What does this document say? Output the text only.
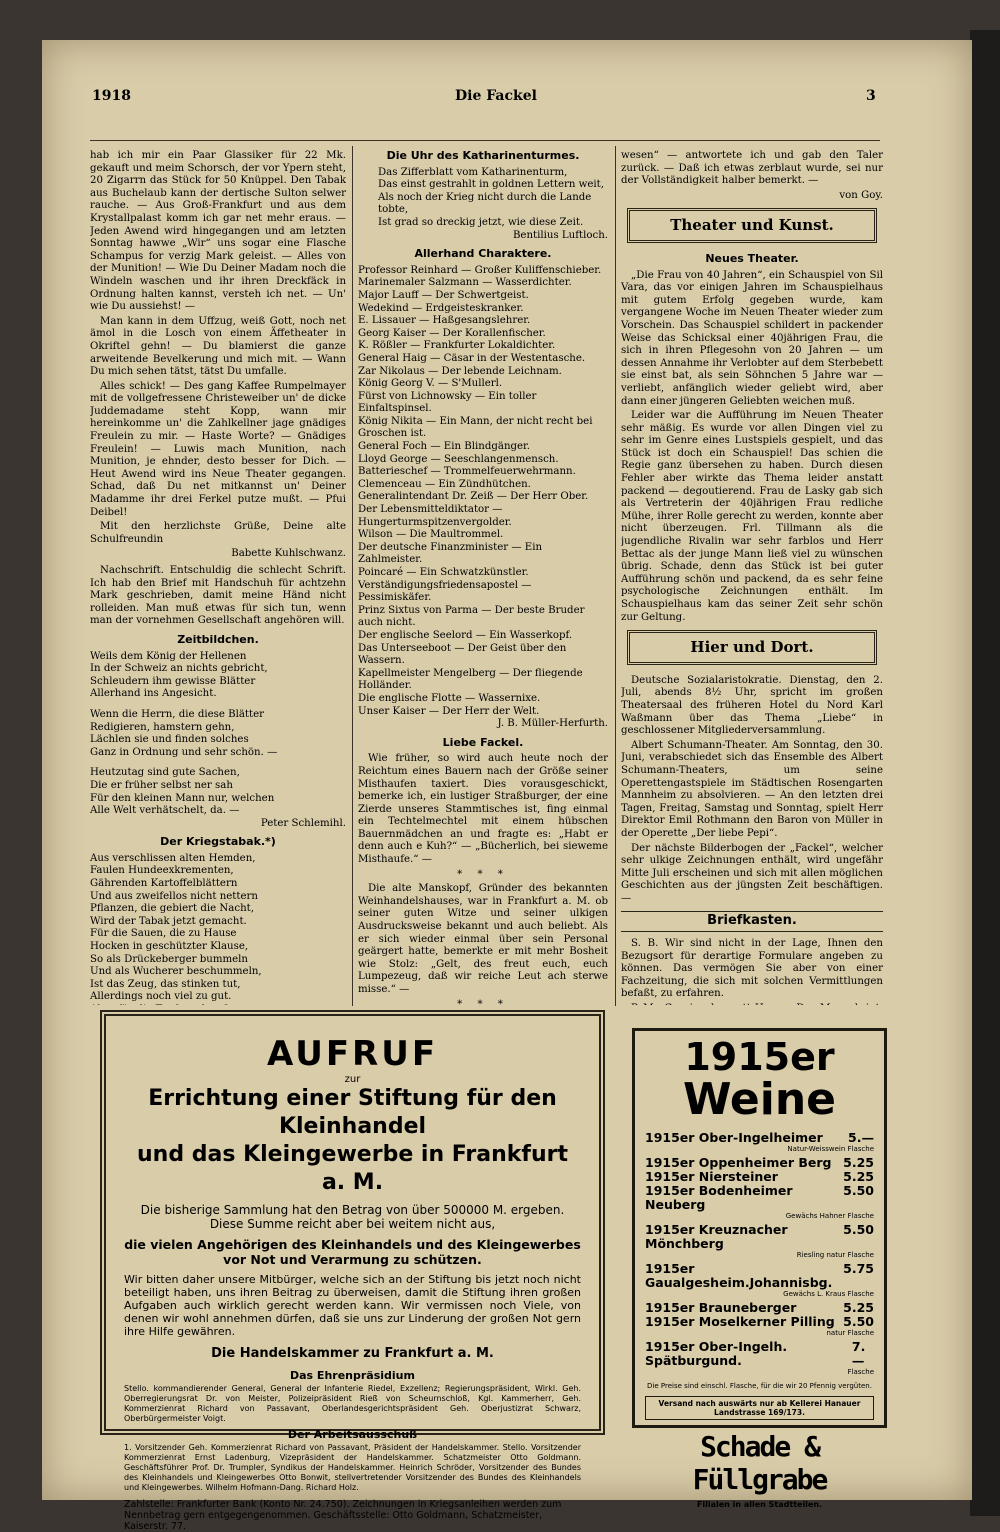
1918	Die Fackel	3

hab ich mir ein Paar Glassiker für 22 Mk. gekauft und meim Schorsch, der vor Ypern steht, 20 Zigarrn das Stück for 50 Knüppel. Den Tabak aus Buchelaub kann der dertische Sulton selwer rauche. — Aus Groß-Frankfurt und aus dem Krystallpalast komm ich gar net mehr eraus. — Jeden Awend wird hingegangen und am letzten Sonntag hawwe „Wir“ uns sogar eine Flasche Schampus for verzig Mark geleist. — Alles von der Munition! — Wie Du Deiner Madam noch die Windeln waschen und ihr ihren Dreckfäck in Ordnung halten kannst, versteh ich net. — Un' wie Du aussiehst! —

Man kann in dem Uffzug, weiß Gott, noch net ämol in die Losch von einem Äffetheater in Okriftel gehn! — Du blamierst die ganze arweitende Bevelkerung und mich mit. — Wann Du mich sehen tätst, tätst Du umfalle.

Alles schick! — Des gang Kaffee Rumpelmayer mit de vollgefressene Christeweiber un' de dicke Juddemadame steht Kopp, wann mir hereinkomme un' die Zahlkellner jage gnädiges Freulein zu mir. — Haste Worte? — Gnädiges Freulein! — Luwis mach Munition, nach Munition, je ehnder, desto besser for Dich. — Heut Awend wird ins Neue Theater gegangen. Schad, daß Du net mitkannst un' Deiner Madamme ihr drei Ferkel putze mußt. — Pfui Deibel!

Mit den herzlichste Grüße, Deine alte Schulfreundin

Babette Kuhlschwanz.

Nachschrift. Entschuldig die schlecht Schrift. Ich hab den Brief mit Handschuh für achtzehn Mark geschrieben, damit meine Händ nicht rolleiden. Man muß etwas für sich tun, wenn man der vornehmen Gesellschaft angehören will.

Zeitbildchen.
Weils dem König der Hellenen
In der Schweiz an nichts gebricht,
Schleudern ihm gewisse Blätter
Allerhand ins Angesicht.
Wenn die Herrn, die diese Blätter
Redigieren, hamstern gehn,
Lächlen sie und finden solches
Ganz in Ordnung und sehr schön. —
Heutzutag sind gute Sachen,
Die er früher selbst ner sah
Für den kleinen Mann nur, welchen
Alle Welt verhätschelt, da. —
Peter Schlemihl.
Der Kriegstabak.*)
Aus verschlissen alten Hemden,
Faulen Hundeexkrementen,
Gährenden Kartoffelblättern
Und aus zweifellos nicht nettern
Pflanzen, die gebiert die Nacht,
Wird der Tabak jetzt gemacht.
Für die Sauen, die zu Hause
Hocken in geschützter Klause,
So als Drückeberger bummeln
Und als Wucherer beschummeln,
Ist das Zeug, das stinken tut,
Allerdings noch viel zu gut.

Die Uhr des Katharinenturmes.
Das Zifferblatt vom Katharinenturm,
Das einst gestrahlt in goldnen Lettern weit,
Als noch der Krieg nicht durch die Lande tobte,
Ist grad so dreckig jetzt, wie diese Zeit.
Bentilius Luftloch.
Allerhand Charaktere.
Professor Reinhard — Großer Kuliffenschieber.
Marinemaler Salzmann — Wasserdichter.
Major Lauff — Der Schwertgeist.
Wedekind — Erdgeisteskranker.
E. Lissauer — Haßgesangslehrer.
Georg Kaiser — Der Korallenfischer.
K. Rößler — Frankfurter Lokaldichter.
General Haig — Cäsar in der Westentasche.
Zar Nikolaus — Der lebende Leichnam.
König Georg V. — S'Mullerl.
Fürst von Lichnowsky — Ein toller Einfaltspinsel.
König Nikita — Ein Mann, der nicht recht bei Groschen ist.
General Foch — Ein Blindgänger.
Lloyd George — Seeschlangenmensch.
Batterieschef — Trommelfeuerwehrmann.
Clemenceau — Ein Zündhütchen.
Generalintendant Dr. Zeiß — Der Herr Ober.
Der Lebensmitteldiktator — Hungerturmspitzenvergolder.
Wilson — Die Maultrommel.
Der deutsche Finanzminister — Ein Zahlmeister.
Poincaré — Ein Schwatzkünstler.
Verständigungsfriedensapostel — Pessimiskäfer.
Prinz Sixtus von Parma — Der beste Bruder auch nicht.
Der englische Seelord — Ein Wasserkopf.
Das Unterseeboot — Der Geist über den Wassern.
Kapellmeister Mengelberg — Der fliegende Holländer.
Die englische Flotte — Wassernixe.
Unser Kaiser — Der Herr der Welt.
J. B. Müller-Herfurth.
Liebe Fackel.

Wie früher, so wird auch heute noch der Reichtum eines Bauern nach der Größe seiner Misthaufen taxiert. Dies vorausgeschickt, bemerke ich, ein lustiger Straßburger, der eine Zierde unseres Stammtisches ist, fing einmal ein Techtelmechtel mit einem hübschen Bauernmädchen an und fragte es: „Habt er denn auch e Kuh?“ — „Bücherlich, bei sieweme Misthaufe.“ —

* * *

Die alte Manskopf, Gründer des bekannten Weinhandelshauses, war in Frankfurt a. M. ob seiner guten Witze und seiner ulkigen Ausdrucksweise bekannt und auch beliebt. Als er sich wieder einmal über sein Personal geärgert hatte, bemerkte er mit mehr Bosheit wie Stolz: „Gelt, des freut euch, euch Lumpezeug, daß wir reiche Leut ach sterwe misse.“ —

* * *

wesen“ — antwortete ich und gab den Taler zurück. — Daß ich etwas zerblaut wurde, sei nur der Vollständigkeit halber bemerkt. —

von Goy.
Theater und Kunst.
Neues Theater.

„Die Frau von 40 Jahren“, ein Schauspiel von Sil Vara, das vor einigen Jahren im Schauspielhaus mit gutem Erfolg gegeben wurde, kam vergangene Woche im Neuen Theater wieder zum Vorschein. Das Schauspiel schildert in packender Weise das Schicksal einer 40jährigen Frau, die sich in ihren Pflegesohn von 20 Jahren — um dessen Annahme ihr Verlobter auf dem Sterbebett sie einst bat, als sein Söhnchen 5 Jahre war — verliebt, anfänglich wieder geliebt wird, aber dann einer jüngeren Geliebten weichen muß.

Leider war die Aufführung im Neuen Theater sehr mäßig. Es wurde vor allen Dingen viel zu sehr im Genre eines Lustspiels gespielt, und das Stück ist doch ein Schauspiel! Das schien die Regie ganz übersehen zu haben. Durch diesen Fehler aber wirkte das Thema leider anstatt packend — degoutierend. Frau de Lasky gab sich als Vertreterin der 40jährigen Frau redliche Mühe, ihrer Rolle gerecht zu werden, konnte aber nicht überzeugen. Frl. Tillmann als die jugendliche Rivalin war sehr farblos und Herr Bettac als der junge Mann ließ viel zu wünschen übrig. Schade, denn das Stück ist bei guter Aufführung schön und packend, da es sehr feine psychologische Zeichnungen enthält. Im Schauspielhaus kam das seiner Zeit sehr schön zur Geltung.

Hier und Dort.

Deutsche Sozialaristokratie. Dienstag, den 2. Juli, abends 8½ Uhr, spricht im großen Theatersaal des früheren Hotel du Nord Karl Waßmann über das Thema „Liebe“ in geschlossener Mitgliederversammlung.

Albert Schumann-Theater. Am Sonntag, den 30. Juni, verabschiedet sich das Ensemble des Albert Schumann-Theaters, um seine Operettengastspiele im Städtischen Rosengarten Mannheim zu absolvieren. — An den letzten drei Tagen, Freitag, Samstag und Sonntag, spielt Herr Direktor Emil Rothmann den Baron von Müller in der Operette „Der liebe Pepi“.

Der nächste Bilderbogen der „Fackel“, welcher sehr ulkige Zeichnungen enthält, wird ungefähr Mitte Juli erscheinen und sich mit allen möglichen Geschichten aus der jüngsten Zeit beschäftigen. —

Briefkasten.

S. B. Wir sind nicht in der Lage, Ihnen den Bezugsort für derartige Formulare angeben zu können. Das vermögen Sie aber von einer Fachzeitung, die sich mit solchen Vermittlungen befaßt, zu erfahren.

AUFRUF
zur
Errichtung einer Stiftung für den Kleinhandel
und das Kleingewerbe in Frankfurt a. M.
Die bisherige Sammlung hat den Betrag von über 500000 M. ergeben. Diese Summe reicht aber bei weitem nicht aus,
die vielen Angehörigen des Kleinhandels und des Kleingewerbes vor Not und Verarmung zu schützen.
Wir bitten daher unsere Mitbürger, welche sich an der Stiftung bis jetzt noch nicht beteiligt haben, uns ihren Beitrag zu überweisen, damit die Stiftung ihren großen Aufgaben auch wirklich gerecht werden kann. Wir vermissen noch Viele, von denen wir wohl annehmen dürfen, daß sie uns zur Linderung der großen Not gern ihre Hilfe gewähren.
Die Handelskammer zu Frankfurt a. M.
Das Ehrenpräsidium
Stello. kommandierender General, General der Infanterie Riedel, Exzellenz; Regierungspräsident, Wirkl. Geh. Oberregierungsrat Dr. von Meister, Polizeipräsident Rieß von Scheurnschloß, Kgl. Kammerherr, Geh. Kommerzienrat Richard von Passavant, Oberlandesgerichtspräsident Geh. Oberjustizrat Schwarz, Oberbürgermeister Voigt.
Der Arbeitsausschuß
1. Vorsitzender Geh. Kommerzienrat Richard von Passavant, Präsident der Handelskammer. Stello. Vorsitzender Kommerzienrat Ernst Ladenburg, Vizepräsident der Handelskammer. Schatzmeister Otto Goldmann. Geschäftsführer Prof. Dr. Trumpler, Syndikus der Handelskammer. Heinrich Schröder, Vorsitzender des Bundes des Kleinhandels und Kleingewerbes Otto Bonwit, stellvertretender Vorsitzender des Bundes des Kleinhandels und Kleingewerbes. Wilhelm Hofmann-Dang. Richard Holz.
Zahlstelle: Frankfurter Bank (Konto Nr. 24.750). Zeichnungen in Kriegsanleihen werden zum Nennbetrag gern entgegengenommen. Geschäftsstelle: Otto Goldmann, Schatzmeister, Kaiserstr. 77.
1915er
Weine
1915er Ober-Ingelheimer 5.—
Natur-Weisswein Flasche
1915er Oppenheimer Berg 5.25
1915er Niersteiner	5.25
1915er Bodenheimer Neuberg
5.50
Gewächs Hahner Flasche
1915er Kreuznacher Mönchberg
5.50
Riesling natur Flasche
1915er Gaualgesheim.Johannisbg.
5.75
Gewächs L. Kraus Flasche
1915er Brauneberger	5.25
1915er Moselkerner Pilling 5.50
natur Flasche
1915er Ober-Ingelh. Spätburgund.
7.—
Flasche
Die Preise sind einschl. Flasche, für die wir 20 Pfennig vergüten.
Versand nach auswärts nur ab Kellerei Hanauer Landstrasse 169/173.
Schade & Füllgrabe
Filialen in allen Stadtteilen.
